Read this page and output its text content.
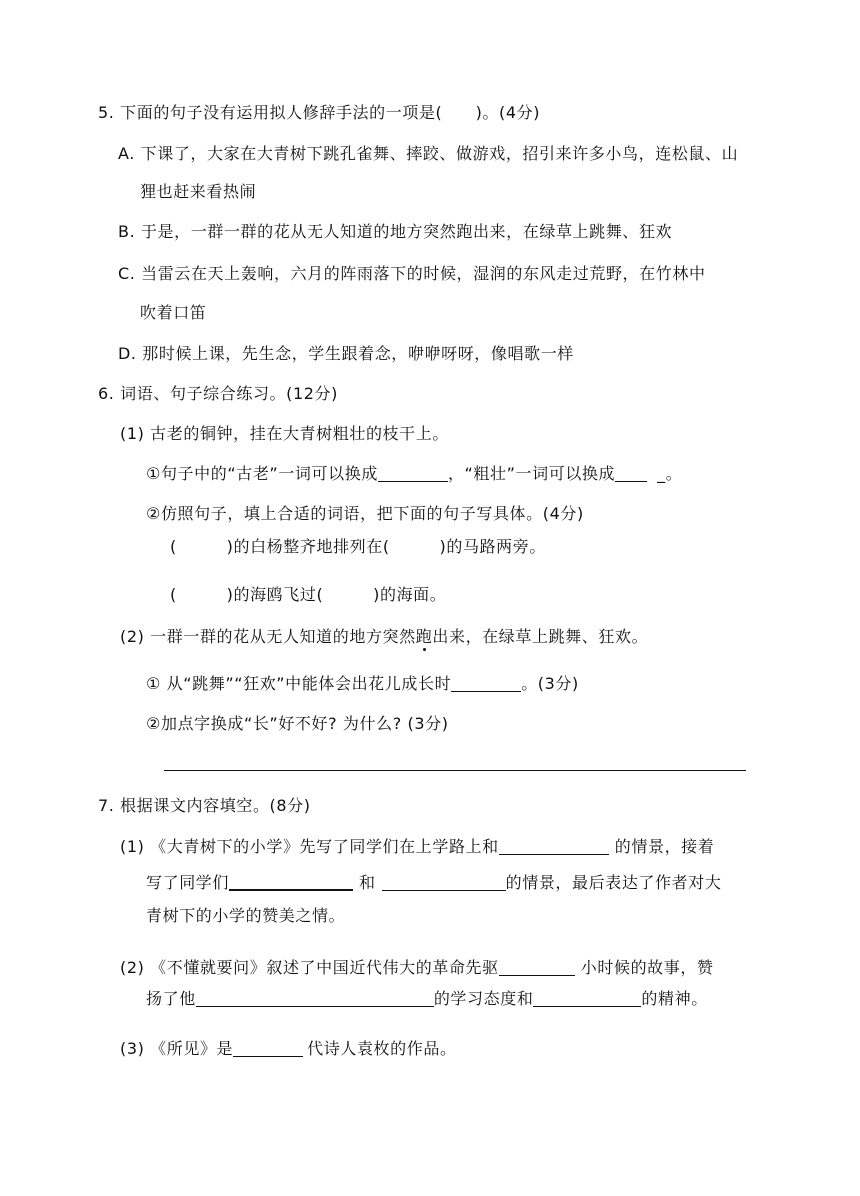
5. 下面的句子没有运用拟人修辞手法的一项是(　　)。(4分)
A. 下课了，大家在大青树下跳孔雀舞、摔跤、做游戏，招引来许多小鸟，连松鼠、山
狸也赶来看热闹
B. 于是，一群一群的花从无人知道的地方突然跑出来，在绿草上跳舞、狂欢
C. 当雷云在天上轰响，六月的阵雨落下的时候，湿润的东风走过荒野，在竹林中
吹着口笛
D. 那时候上课，先生念，学生跟着念，咿咿呀呀，像唱歌一样
6. 词语、句子综合练习。(12分)
(1) 古老的铜钟，挂在大青树粗壮的枝干上。
①句子中的“古老”一词可以换成	，“粗壮”一词可以换成	_。
②仿照句子，填上合适的词语，把下面的句子写具体。(4分)
(　　　)的白杨整齐地排列在(　　　)的马路两旁。
(　　　)的海鸥飞过(　　　)的海面。
(2) 一群一群的花从无人知道的地方突然跑出来，在绿草上跳舞、狂欢。
① 从“跳舞”“狂欢”中能体会出花儿成长时	。(3分)
②加点字换成“长”好不好? 为什么? (3分)
7. 根据课文内容填空。(8分)
(1) 《大青树下的小学》先写了同学们在上学路上和	的情景，接着
写了同学们	和	的情景，最后表达了作者对大
青树下的小学的赞美之情。
(2) 《不懂就要问》叙述了中国近代伟大的革命先驱	小时候的故事，赞
扬了他	的学习态度和	的精神。
(3) 《所见》是	代诗人袁枚的作品。
